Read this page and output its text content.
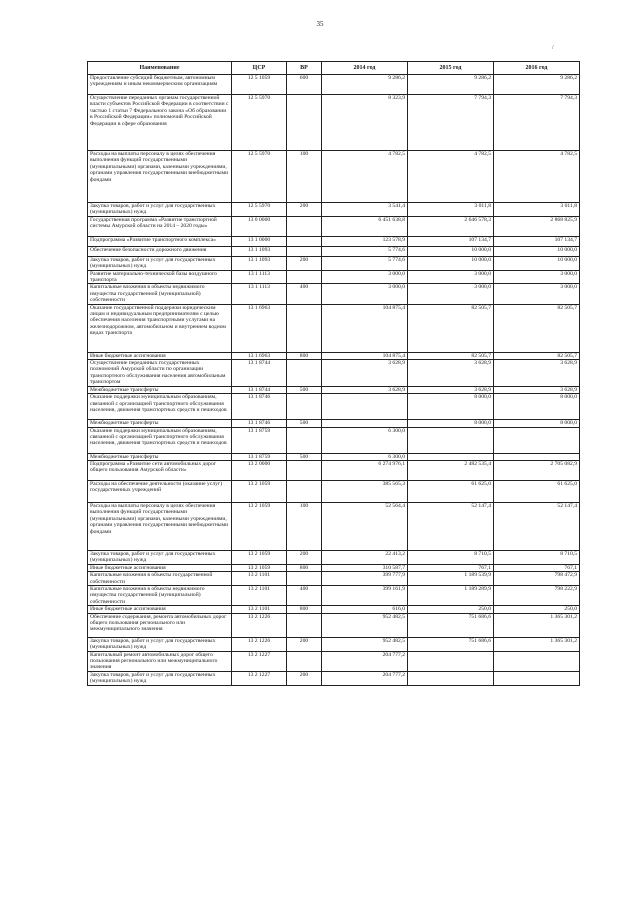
35
/
Наименование	ЦСР	ВР	2014 год	2015 год	2016 год
Предоставление субсидий бюджетным, автономным учреждениям и иным некоммерческим организациям	12 5 1059	600	9 286,2	9 286,2	9 286,2
Осуществление переданных органам государственной власти субъектов Российской Федерации в соответствии с частью 1 статьи 7 Федерального закона «Об образовании в Российской Федерации» полномочий Российской Федерации в сфере образования	12 5 5970		8 323,9	7 794,3	7 794,3
Расходы на выплаты персоналу в целях обеспечения выполнения функций государственными (муниципальными) органами, казенными учреждениями, органами управления государственными внебюджетными фондами	12 5 5970	100	4 782,5	4 782,5	4 782,5
Закупка товаров, работ и услуг для государственных (муниципальных) нужд	12 5 5970	200	3 541,4	3 011,8	3 011,8
Государственная программа «Развитие транспортной системы Амурской области на 2014 – 2020 годы»	13 0 0000		6 451 638,8	2 646 578,3	2 868 825,9
Подпрограмма «Развитие транспортного комплекса»	13 1 0000		123 578,9	107 134,7	107 134,7
Обеспечение безопасности дорожного движения	13 1 1093		5 774,6	10 000,0	10 000,0
Закупка товаров, работ и услуг для государственных (муниципальных) нужд	13 1 1093	200	5 774,6	10 000,0	10 000,0
Развитие материально-технической базы воздушного транспорта	13 1 1113		3 000,0	3 000,0	3 000,0
Капитальные вложения в объекты недвижимого имущества государственной (муниципальной) собственности	13 1 1113	400	3 000,0	3 000,0	3 000,0
Оказание государственной поддержки юридическим лицам и индивидуальным предпринимателям с целью обеспечения населения транспортными услугами на железнодорожном, автомобильном и внутреннем водном видах транспорта	13 1 6963		104 875,4	82 505,7	82 505,7
Иные бюджетные ассигнования	13 1 6963	800	104 875,4	82 505,7	82 505,7
Осуществление переданных государственных полномочий Амурской области по организации транспортного обслуживания населения автомобильным транспортом	13 1 8744		3 628,9	3 628,9	3 628,9
Межбюджетные трансферты	13 1 8744	500	3 628,9	3 628,9	3 628,9
Оказание поддержки муниципальным образованиям, связанной с организацией транспортного обслуживания населения, движения транспортных средств и пешеходов	13 1 8746			8 000,0	8 000,0
Межбюджетные трансферты	13 1 8746	500		8 000,0	8 000,0
Оказание поддержки муниципальным образованиям, связанной с организацией транспортного обслуживания населения, движения транспортных средств и пешеходов	13 1 8759		6 300,0		
Межбюджетные трансферты	13 1 8759	500	6 300,0		
Подпрограмма «Развитие сети автомобильных дорог общего пользования Амурской области»	13 2 0000		6 274 976,1	2 482 535,4	2 705 082,9
Расходы на обеспечение деятельности (оказание услуг) государственных учреждений	13 2 1059		385 565,3	61 625,0	61 625,0
Расходы на выплаты персоналу в целях обеспечения выполнения функций государственными (муниципальными) органами, казенными учреждениями, органами управления государственными внебюджетными фондами	13 2 1059	100	52 564,4	52 147,4	52 147,4
Закупка товаров, работ и услуг для государственных (муниципальных) нужд	13 2 1059	200	22 413,2	8 710,5	8 710,5
Иные бюджетные ассигнования	13 2 1059	800	310 587,7	767,1	767,1
Капитальные вложения в объекты государственной собственности	13 2 1101		399 777,9	1 189 539,9	798 472,9
Капитальные вложения в объекты недвижимого имущества государственной (муниципальной) собственности	13 2 1101	400	399 161,9	1 189 289,9	798 222,9
Иные бюджетные ассигнования	13 2 1101	800	616,0	250,0	250,0
Обеспечение содержания, ремонта автомобильных дорог общего пользования регионального или межмуниципального значения	13 2 1226		952 482,5	751 686,6	1 365 301,2
Закупка товаров, работ и услуг для государственных (муниципальных) нужд	13 2 1226	200	952 482,5	751 686,6	1 365 301,2
Капитальный ремонт автомобильных дорог общего пользования регионального или межмуниципального значения	13 2 1227		204 777,2		
Закупка товаров, работ и услуг для государственных (муниципальных) нужд	13 2 1227	200	204 777,2		
